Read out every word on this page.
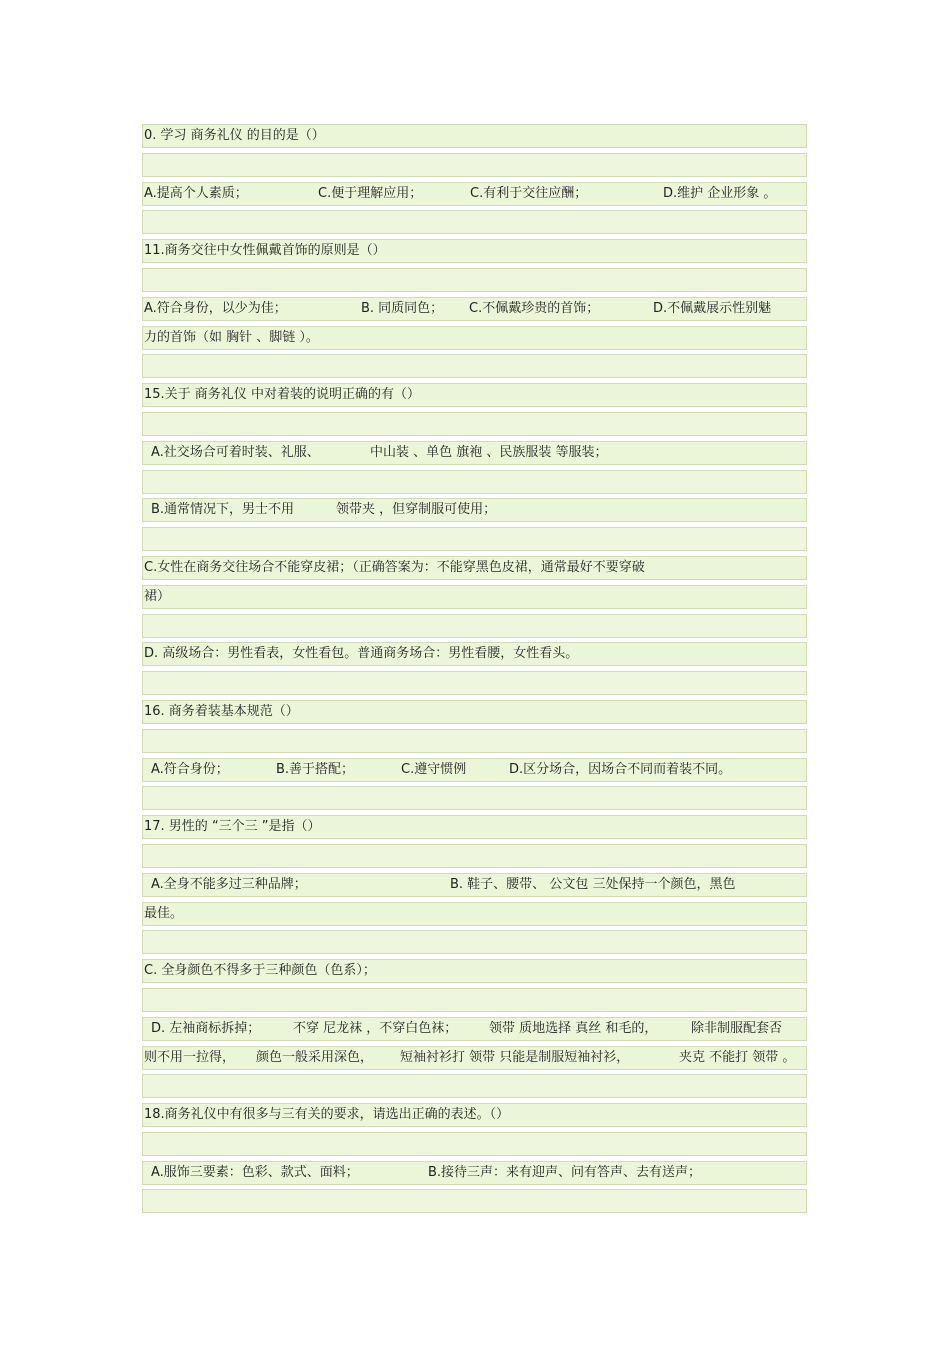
0. 学习 商务礼仪 的目的是（）
A.提高个人素质；	C.便于理解应用；	C.有利于交往应酬；	D.维护 企业形象 。
11.商务交往中女性佩戴首饰的原则是（）
A.符合身份，以少为佳；	B. 同质同色； C.不佩戴珍贵的首饰；	D.不佩戴展示性别魅
力的首饰（如 胸针 、脚链 ）。
15.关于 商务礼仪 中对着装的说明正确的有（）
A.社交场合可着时装、礼服、	中山装 、单色 旗袍 、民族服装 等服装；
B.通常情况下，男士不用	领带夹 ，但穿制服可使用；
C.女性在商务交往场合不能穿皮裙；（正确答案为：不能穿黑色皮裙，通常最好不要穿破
裙）
D. 高级场合：男性看表，女性看包。普通商务场合：男性看腰，女性看头。
16. 商务着装基本规范（）
A.符合身份；	B.善于搭配；	C.遵守惯例	D.区分场合，因场合不同而着装不同。
17. 男性的 “三个三 ”是指（）
A.全身不能多过三种品牌；	B. 鞋子、腰带、 公文包 三处保持一个颜色，黑色
最佳。
C. 全身颜色不得多于三种颜色（色系）；
D. 左袖商标拆掉；	不穿 尼龙袜 ，不穿白色袜； 领带 质地选择 真丝 和毛的，	除非制服配套否
则不用一拉得， 颜色一般采用深色， 短袖衬衫打 领带 只能是制服短袖衬衫，	夹克 不能打 领带 。
18.商务礼仪中有很多与三有关的要求，请选出正确的表述。（）
A.服饰三要素：色彩、款式、面料；	B.接待三声：来有迎声、问有答声、去有送声；
